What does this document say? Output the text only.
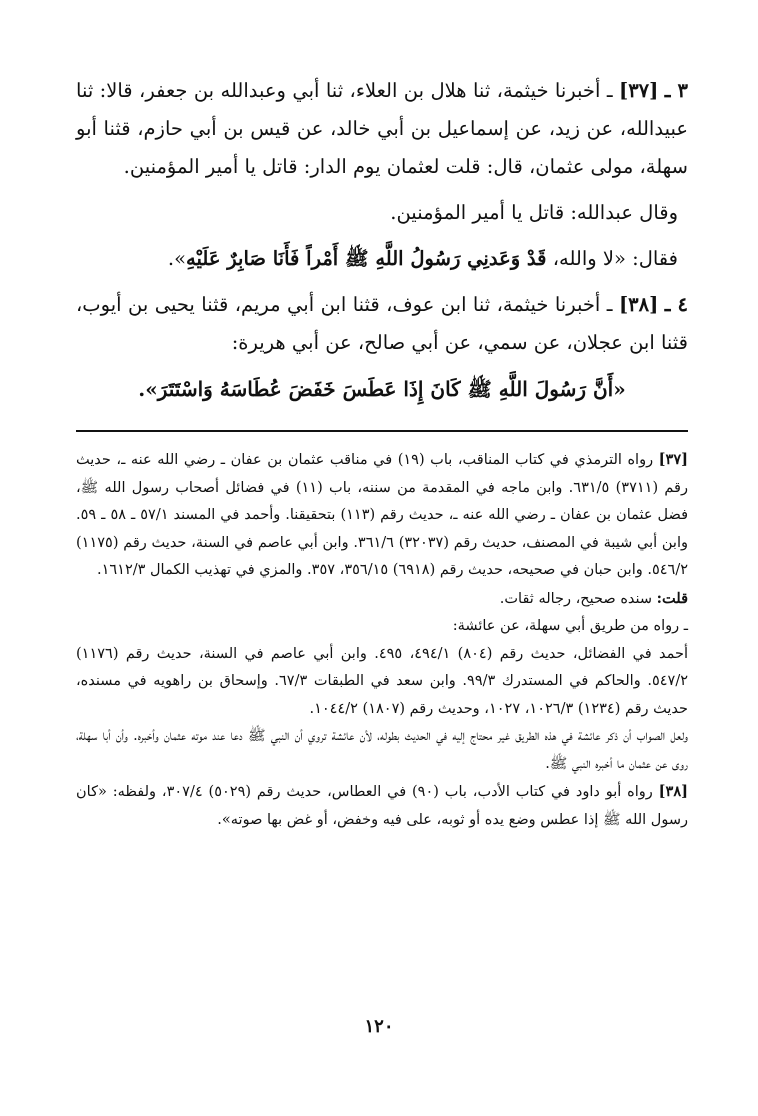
٣ ـ [٣٧] ـ أخبرنا خيثمة، ثنا هلال بن العلاء، ثنا أبي وعبدالله بن جعفر، قالا: ثنا عبيدالله، عن زيد، عن إسماعيل بن أبي خالد، عن قيس بن أبي حازم، قثنا أبو سهلة، مولى عثمان، قال: قلت لعثمان يوم الدار: قاتل يا أمير المؤمنين.

وقال عبدالله: قاتل يا أمير المؤمنين.

فقال: «لا والله، قَدْ وَعَدنِي رَسُولُ اللَّهِ ﷺ أَمْراً فَأَنَا صَابِرٌ عَلَيْهِ».

٤ ـ [٣٨] ـ أخبرنا خيثمة، ثنا ابن عوف، قثنا ابن أبي مريم، قثنا يحيى بن أيوب، قثنا ابن عجلان، عن سمي، عن أبي صالح، عن أبي هريرة:

«أَنَّ رَسُولَ اللَّهِ ﷺ كَانَ إِذَا عَطَسَ خَفَضَ عُطَاسَهُ وَاسْتَتَرَ».

[٣٧] رواه الترمذي في كتاب المناقب، باب (١٩) في مناقب عثمان بن عفان ـ رضي الله عنه ـ، حديث رقم (٣٧١١) ٦٣١/٥. وابن ماجه في المقدمة من سننه، باب (١١) في فضائل أصحاب رسول الله ﷺ، فضل عثمان بن عفان ـ رضي الله عنه ـ، حديث رقم (١١٣) بتحقيقنا. وأحمد في المسند ٥٧/١ ـ ٥٨ ـ ٥٩. وابن أبي شيبة في المصنف، حديث رقم (٣٢٠٣٧) ٣٦١/٦. وابن أبي عاصم في السنة، حديث رقم (١١٧٥) ٥٤٦/٢. وابن حبان في صحيحه، حديث رقم (٦٩١٨) ٣٥٦/١٥، ٣٥٧. والمزي في تهذيب الكمال ١٦١٢/٣.

قلت: سنده صحيح، رجاله ثقات.

ـ رواه من طريق أبي سهلة، عن عائشة:

أحمد في الفضائل، حديث رقم (٨٠٤) ٤٩٤/١، ٤٩٥. وابن أبي عاصم في السنة، حديث رقم (١١٧٦) ٥٤٧/٢. والحاكم في المستدرك ٩٩/٣. وابن سعد في الطبقات ٦٧/٣. وإسحاق بن راهويه في مسنده، حديث رقم (١٢٣٤) ١٠٢٦/٣، ١٠٢٧، وحديث رقم (١٨٠٧) ١٠٤٤/٢.

ولعل الصواب أن ذكر عائشة في هذه الطريق غير محتاج إليه في الحديث بطوله، لأن عائشة تروي أن النبي ﷺ دعا عند موته عثمان وأخبره. وأن أبا سهلة، روى عن عثمان ما أخبره النبي ﷺ.

[٣٨] رواه أبو داود في كتاب الأدب، باب (٩٠) في العطاس، حديث رقم (٥٠٢٩) ٣٠٧/٤، ولفظه: «كان رسول الله ﷺ إذا عطس وضع يده أو ثوبه، على فيه وخفض، أو غض بها صوته».

١٢٠
